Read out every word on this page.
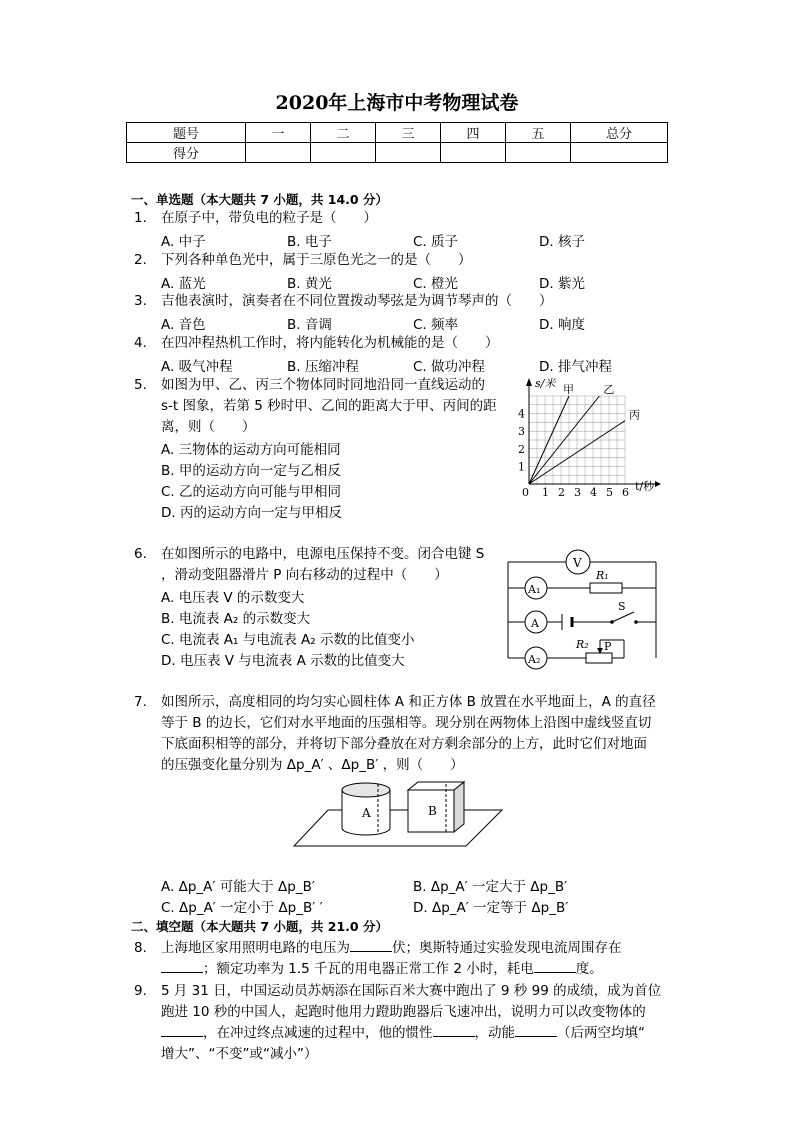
2020年上海市中考物理试卷
题号	一	二	三	四	五	总分
得分						
一、单选题（本大题共 7 小题，共 14.0 分）
1. 在原子中，带负电的粒子是（　　）
A. 中子	B. 电子	C. 质子	D. 核子
2. 下列各种单色光中，属于三原色光之一的是（　　）
A. 蓝光	B. 黄光	C. 橙光	D. 紫光
3. 吉他表演时，演奏者在不同位置拨动琴弦是为调节琴声的（　　）
A. 音色	B. 音调	C. 频率	D. 响度
4. 在四冲程热机工作时，将内能转化为机械能的是（　　）
A. 吸气冲程	B. 压缩冲程	C. 做功冲程	D. 排气冲程
5. 如图为甲、乙、丙三个物体同时同地沿同一直线运动的
s-t 图象，若第 5 秒时甲、乙间的距离大于甲、丙间的距
离，则（　　）
A. 三物体的运动方向可能相同
B. 甲的运动方向一定与乙相反
C. 乙的运动方向可能与甲相同
D. 丙的运动方向一定与甲相反
甲	乙
丙
0 1 2 3 4 5 6
1
2
3
4
s/米
t/秒
6. 在如图所示的电路中，电源电压保持不变。闭合电键 S
，滑动变阻器滑片 P 向右移动的过程中（　　）
A. 电压表 V 的示数变大
B. 电流表 A₂ 的示数变大
C. 电流表 A₁ 与电流表 A₂ 示数的比值变小
D. 电压表 V 与电流表 A 示数的比值变大
V
A₁
R₁
A
S
A₂
R₂ P
7. 如图所示，高度相同的均匀实心圆柱体 A 和正方体 B 放置在水平地面上，A 的直径
等于 B 的边长，它们对水平地面的压强相等。现分别在两物体上沿图中虚线竖直切
下底面积相等的部分，并将切下部分叠放在对方剩余部分的上方，此时它们对地面
的压强变化量分别为 Δp_A′ 、Δp_B′ ，则（　　）
A	B
A. Δp_A′ 可能大于 Δp_B′	B. Δp_A′ 一定大于 Δp_B′
C. Δp_A′ 一定小于 Δp_B′ ′	D. Δp_A′ 一定等于 Δp_B′
二、填空题（本大题共 7 小题，共 21.0 分）
8. 上海地区家用照明电路的电压为	伏；奥斯特通过实验发现电流周围存在
；额定功率为 1.5 千瓦的用电器正常工作 2 小时，耗电	度。
9. 5 月 31 日，中国运动员苏炳添在国际百米大赛中跑出了 9 秒 99 的成绩，成为首位
跑进 10 秒的中国人，起跑时他用力蹬助跑器后飞速冲出，说明力可以改变物体的
，在冲过终点减速的过程中，他的惯性	，动能	（后两空均填“
增大”、“不变”或“减小”）
